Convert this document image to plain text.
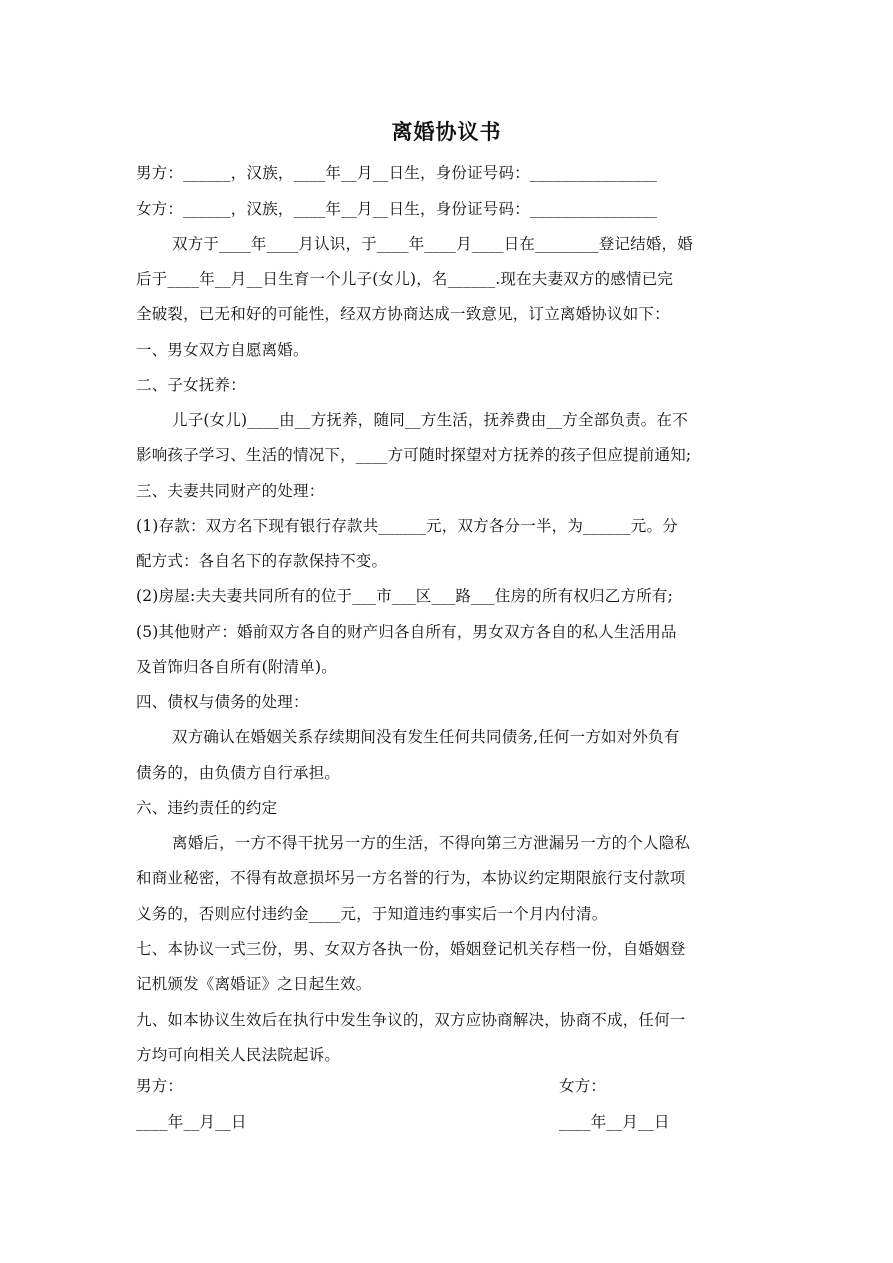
离婚协议书
男方：______，汉族，____年__月__日生，身份证号码：________________
女方：______，汉族，____年__月__日生，身份证号码：________________
双方于____年____月认识，于____年____月____日在________登记结婚，婚
后于____年__月__日生育一个儿子(女儿)，名______.现在夫妻双方的感情已完
全破裂，已无和好的可能性，经双方协商达成一致意见，订立离婚协议如下：
一、男女双方自愿离婚。
二、子女抚养：
儿子(女儿)____由__方抚养，随同__方生活，抚养费由__方全部负责。在不
影响孩子学习、生活的情况下，____方可随时探望对方抚养的孩子但应提前通知;
三、夫妻共同财产的处理：
(1)存款：双方名下现有银行存款共______元，双方各分一半，为______元。分
配方式：各自名下的存款保持不变。
(2)房屋:夫夫妻共同所有的位于___市___区___路___住房的所有权归乙方所有;
(5)其他财产：婚前双方各自的财产归各自所有，男女双方各自的私人生活用品
及首饰归各自所有(附清单)。
四、债权与债务的处理：
双方确认在婚姻关系存续期间没有发生任何共同债务,任何一方如对外负有
债务的，由负债方自行承担。
六、违约责任的约定
离婚后，一方不得干扰另一方的生活，不得向第三方泄漏另一方的个人隐私
和商业秘密，不得有故意损坏另一方名誉的行为，本协议约定期限旅行支付款项
义务的，否则应付违约金____元，于知道违约事实后一个月内付清。
七、本协议一式三份，男、女双方各执一份，婚姻登记机关存档一份，自婚姻登
记机颁发《离婚证》之日起生效。
九、如本协议生效后在执行中发生争议的，双方应协商解决，协商不成，任何一
方均可向相关人民法院起诉。
男方：	女方：
____年__月__日	____年__月__日
